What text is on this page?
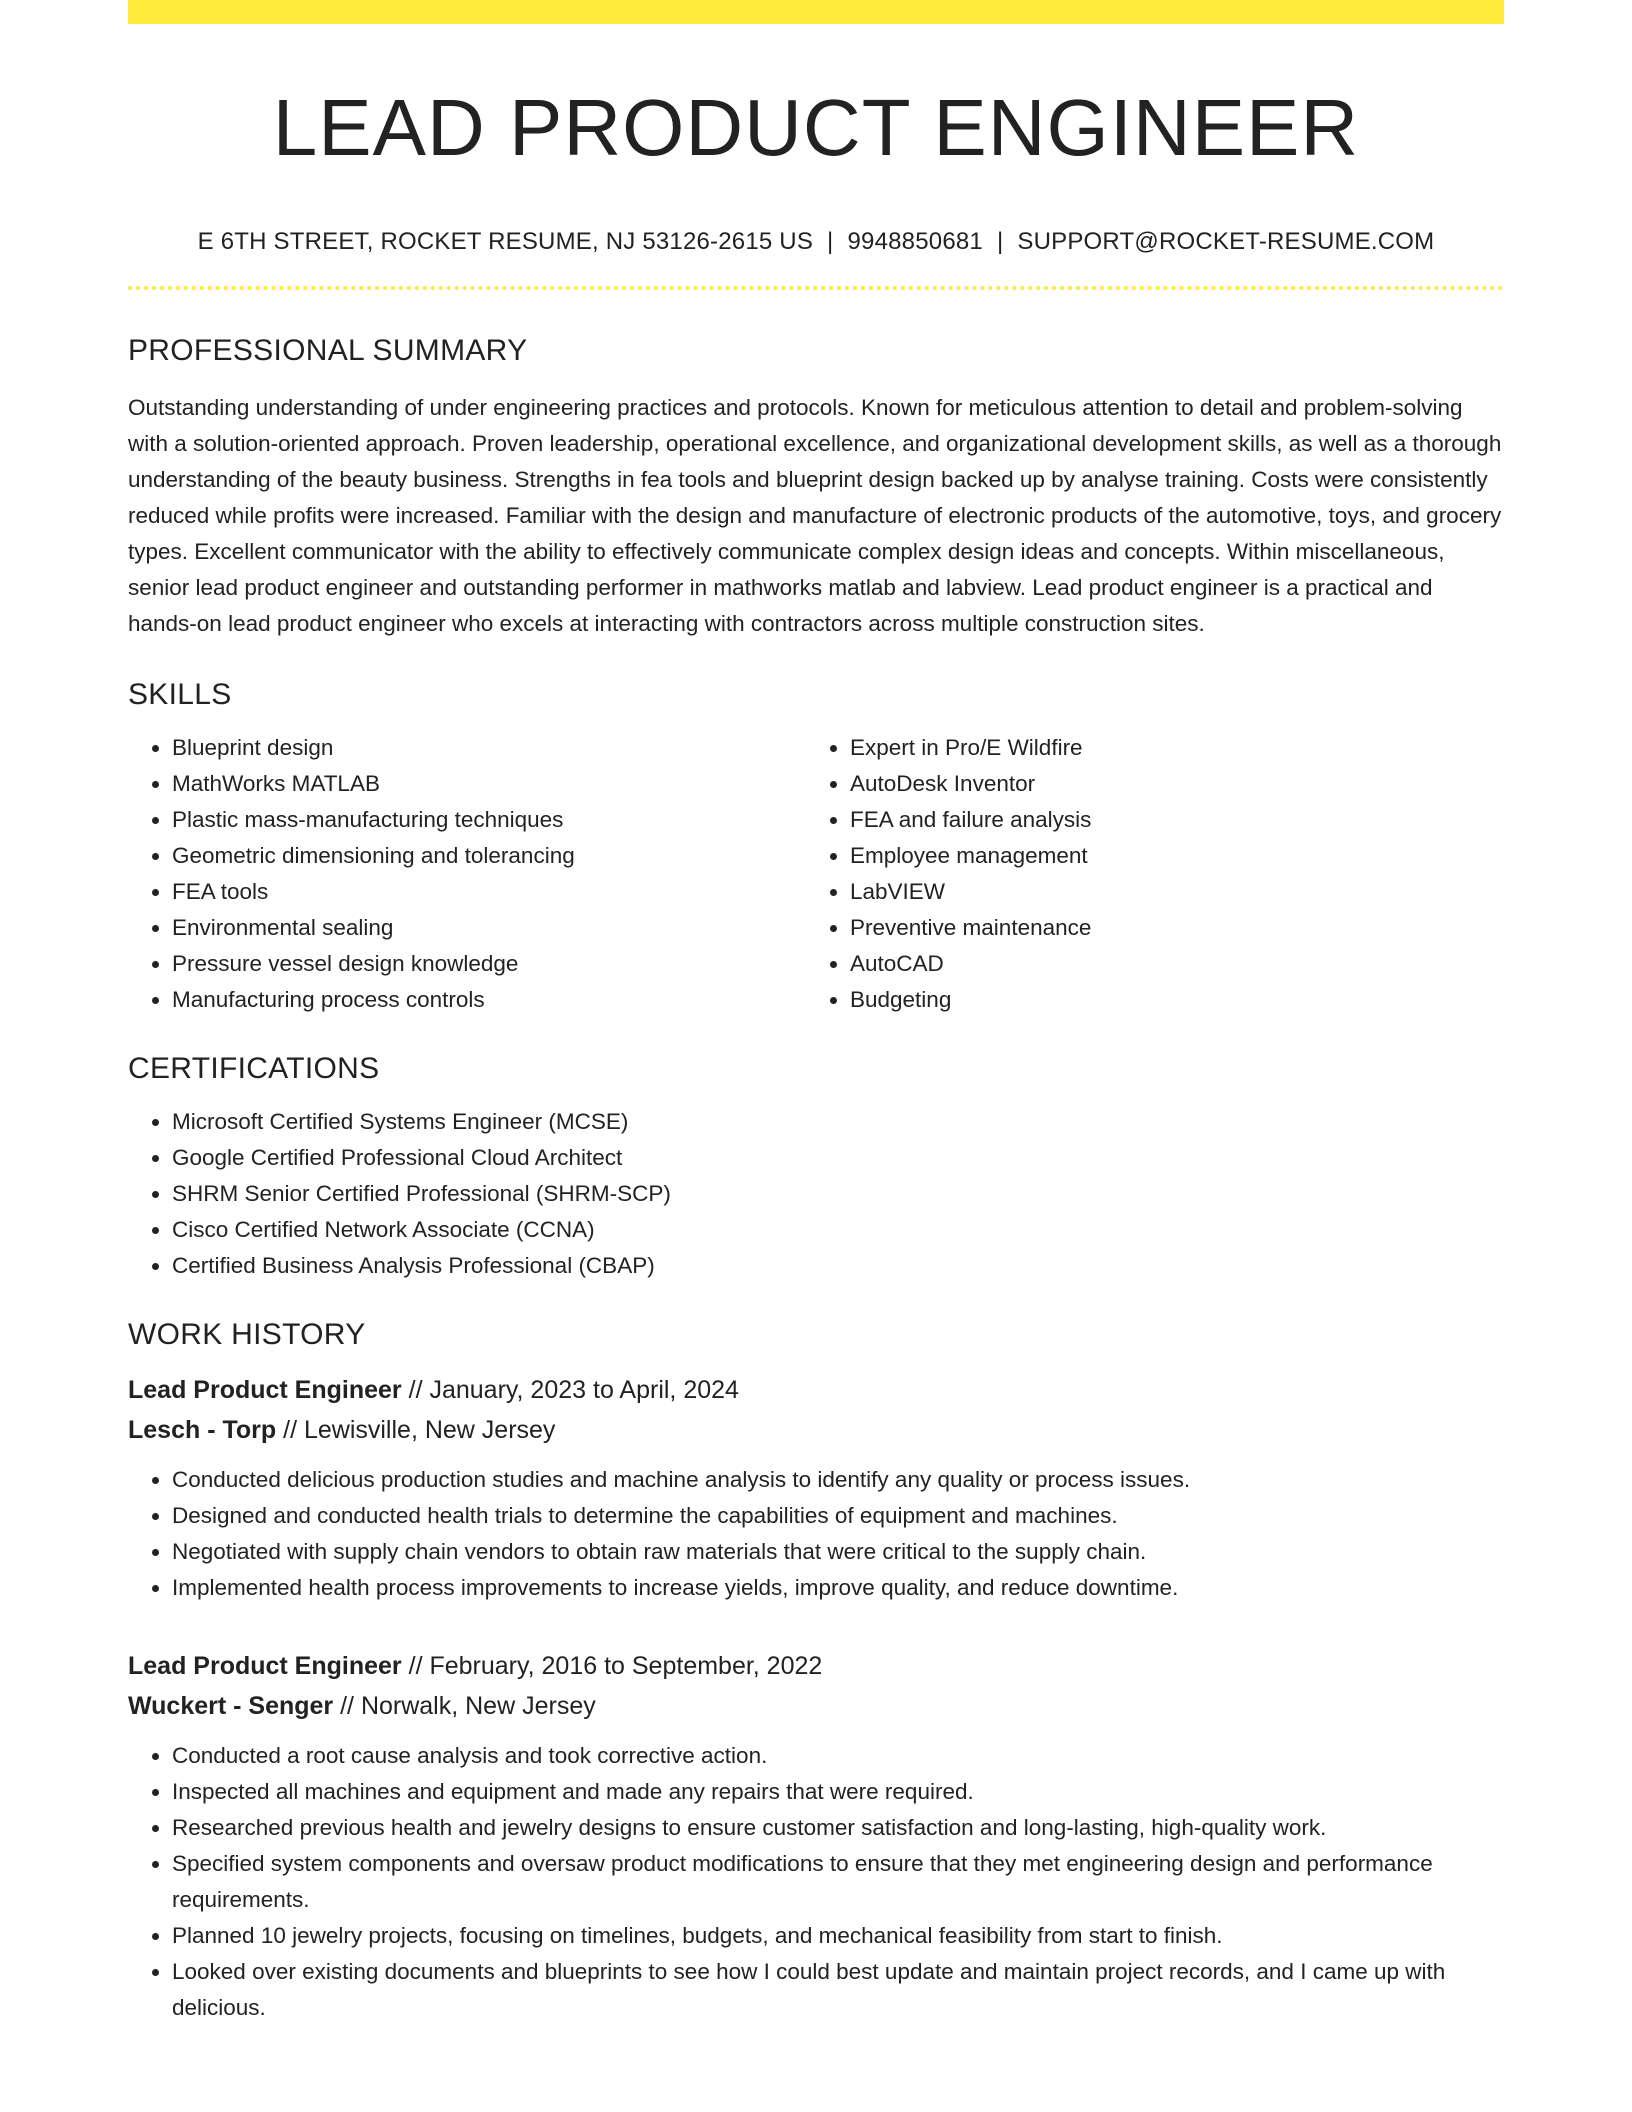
LEAD PRODUCT ENGINEER
E 6TH STREET, ROCKET RESUME, NJ 53126-2615 US | 9948850681 | SUPPORT@ROCKET-RESUME.COM
PROFESSIONAL SUMMARY

Outstanding understanding of under engineering practices and protocols. Known for meticulous attention to detail and problem-solving with a solution-oriented approach. Proven leadership, operational excellence, and organizational development skills, as well as a thorough understanding of the beauty business. Strengths in fea tools and blueprint design backed up by analyse training. Costs were consistently reduced while profits were increased. Familiar with the design and manufacture of electronic products of the automotive, toys, and grocery types. Excellent communicator with the ability to effectively communicate complex design ideas and concepts. Within miscellaneous, senior lead product engineer and outstanding performer in mathworks matlab and labview. Lead product engineer is a practical and hands-on lead product engineer who excels at interacting with contractors across multiple construction sites.

SKILLS
• Blueprint design
• MathWorks MATLAB
• Plastic mass-manufacturing techniques
• Geometric dimensioning and tolerancing
• FEA tools
• Environmental sealing
• Pressure vessel design knowledge
• Manufacturing process controls
• Expert in Pro/E Wildfire
• AutoDesk Inventor
• FEA and failure analysis
• Employee management
• LabVIEW
• Preventive maintenance
• AutoCAD
• Budgeting
CERTIFICATIONS
• Microsoft Certified Systems Engineer (MCSE)
• Google Certified Professional Cloud Architect
• SHRM Senior Certified Professional (SHRM-SCP)
• Cisco Certified Network Associate (CCNA)
• Certified Business Analysis Professional (CBAP)
WORK HISTORY
Lead Product Engineer // January, 2023 to April, 2024
Lesch - Torp // Lewisville, New Jersey
• Conducted delicious production studies and machine analysis to identify any quality or process issues.
• Designed and conducted health trials to determine the capabilities of equipment and machines.
• Negotiated with supply chain vendors to obtain raw materials that were critical to the supply chain.
• Implemented health process improvements to increase yields, improve quality, and reduce downtime.
Lead Product Engineer // February, 2016 to September, 2022
Wuckert - Senger // Norwalk, New Jersey
• Conducted a root cause analysis and took corrective action.
• Inspected all machines and equipment and made any repairs that were required.
• Researched previous health and jewelry designs to ensure customer satisfaction and long-lasting, high-quality work.
• Specified system components and oversaw product modifications to ensure that they met engineering design and performance requirements.
• Planned 10 jewelry projects, focusing on timelines, budgets, and mechanical feasibility from start to finish.
• Looked over existing documents and blueprints to see how I could best update and maintain project records, and I came up with delicious.
